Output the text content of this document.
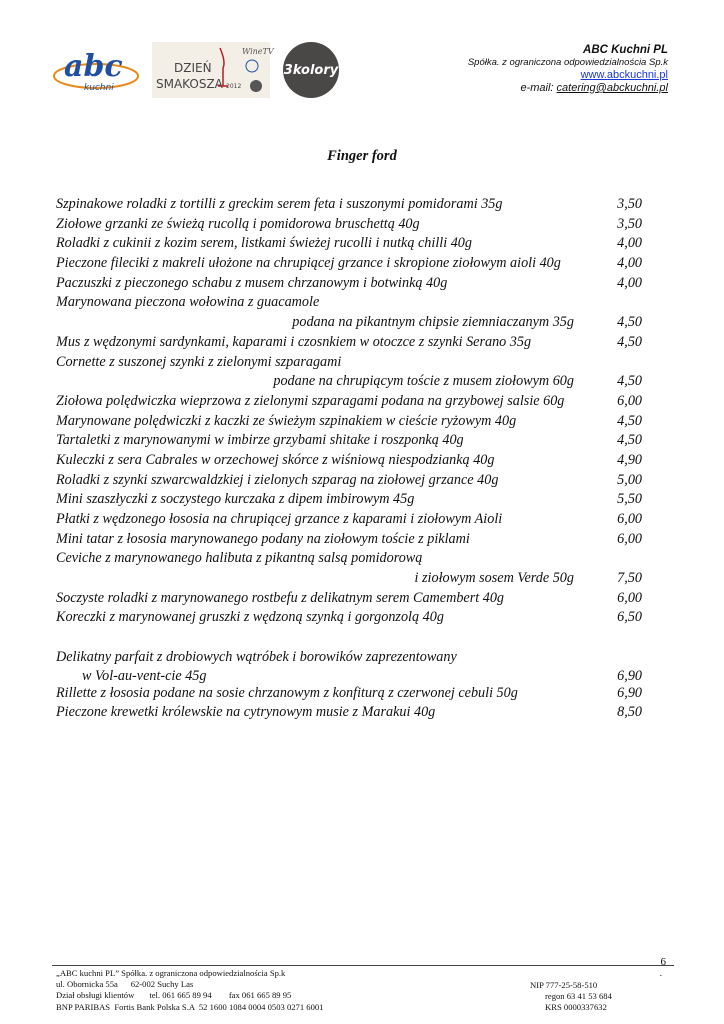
abc
kuchni
DZIEŃ
SMAKOSZA 2012
WineTV
3kolory
ABC Kuchni PL
Spółka. z ograniczona odpowiedzialnościa Sp.k
www.abckuchni.pl
e-mail: catering@abckuchni.pl
Finger ford
Szpinakowe roladki z tortilli z greckim serem feta i suszonymi pomidorami 35g	3,50
Ziołowe grzanki ze świeżą rucollą i pomidorowa bruschettą 40g	3,50
Roladki z cukinii z kozim serem, listkami świeżej rucolli i nutką chilli 40g	4,00
Pieczone fileciki z makreli ułożone na chrupiącej grzance i skropione ziołowym aioli 40g	4,00
Paczuszki z pieczonego schabu z musem chrzanowym i botwinką 40g	4,00
Marynowana pieczona wołowina z guacamole
podana na pikantnym chipsie ziemniaczanym 35g	4,50
Mus z wędzonymi sardynkami, kaparami i czosnkiem w otoczce z szynki Serano 35g	4,50
Cornette z suszonej szynki z zielonymi szparagami
podane na chrupiącym toście z musem ziołowym 60g	4,50
Ziołowa polędwiczka wieprzowa z zielonymi szparagami podana na grzybowej salsie 60g	6,00
Marynowane polędwiczki z kaczki ze świeżym szpinakiem w cieście ryżowym 40g	4,50
Tartaletki z marynowanymi w imbirze grzybami shitake i roszponką 40g	4,50
Kuleczki z sera Cabrales w orzechowej skórce z wiśniową niespodzianką 40g	4,90
Roladki z szynki szwarcwaldzkiej i zielonych szparag na ziołowej grzance 40g	5,00
Mini szaszłyczki z soczystego kurczaka z dipem imbirowym 45g	5,50
Płatki z wędzonego łososia na chrupiącej grzance z kaparami i ziołowym Aioli	6,00
Mini tatar z łososia marynowanego podany na ziołowym toście z piklami	6,00
Ceviche z marynowanego halibuta z pikantną salsą pomidorową
i ziołowym sosem Verde 50g	7,50
Soczyste roladki z marynowanego rostbefu z delikatnym serem Camembert 40g	6,00
Koreczki z marynowanej gruszki z wędzoną szynką i gorgonzolą 40g	6,50
Delikatny parfait z drobiowych wątróbek i borowików zaprezentowany
w Vol-au-vent-cie 45g	6,90
Rillette z łososia podane na sosie chrzanowym z konfiturą z czerwonej cebuli 50g	6,90
Pieczone krewetki królewskie na cytrynowym musie z Marakui 40g	8,50
6
.
„ABC kuchni PL” Spółka. z ograniczona odpowiedzialnościa Sp.k
ul. Obornicka 55a      62-002 Suchy Las
Dział obsługi klientów       tel. 061 665 89 94        fax 061 665 89 95
BNP PARIBAS  Fortis Bank Polska S.A  52 1600 1084 0004 0503 0271 6001
NIP 777-25-58-510
regon 63 41 53 684
KRS 0000337632
